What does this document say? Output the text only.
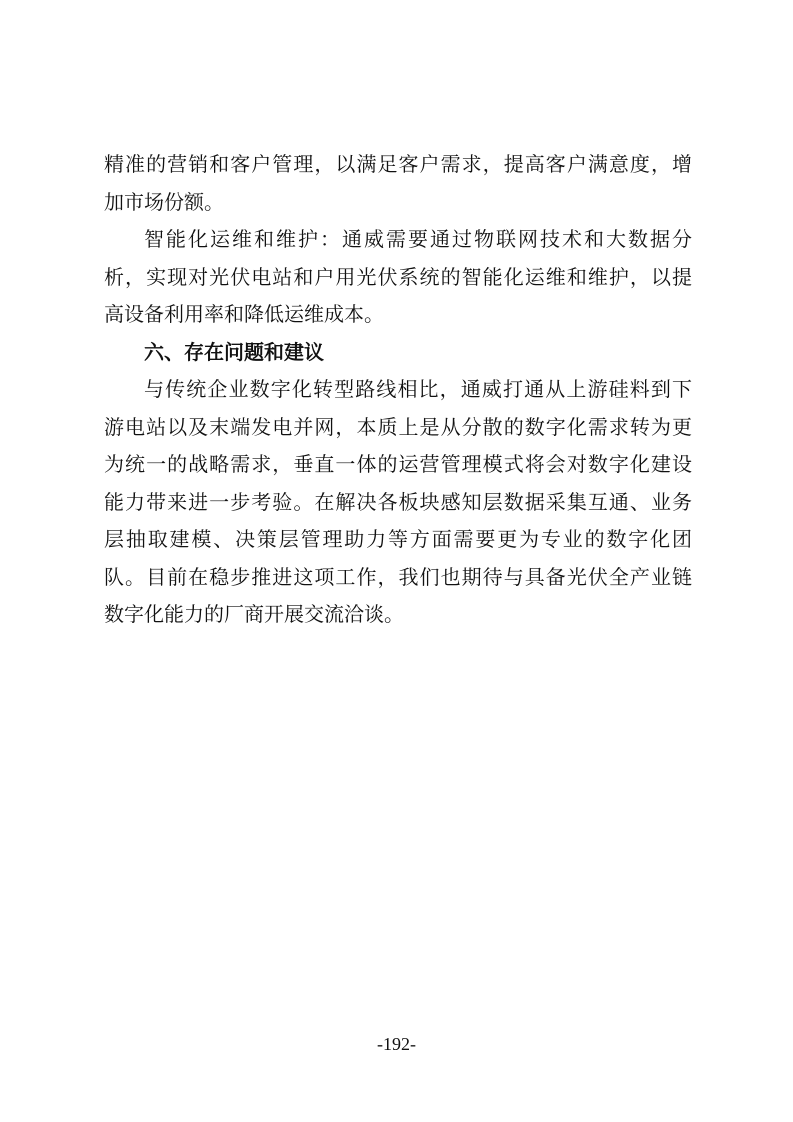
精准的营销和客户管理，以满足客户需求，提高客户满意度，增
加市场份额。
智能化运维和维护：通威需要通过物联网技术和大数据分
析，实现对光伏电站和户用光伏系统的智能化运维和维护，以提
高设备利用率和降低运维成本。
六、存在问题和建议
与传统企业数字化转型路线相比，通威打通从上游硅料到下
游电站以及末端发电并网，本质上是从分散的数字化需求转为更
为统一的战略需求，垂直一体的运营管理模式将会对数字化建设
能力带来进一步考验。在解决各板块感知层数据采集互通、业务
层抽取建模、决策层管理助力等方面需要更为专业的数字化团
队。目前在稳步推进这项工作，我们也期待与具备光伏全产业链
数字化能力的厂商开展交流洽谈。
-192-
